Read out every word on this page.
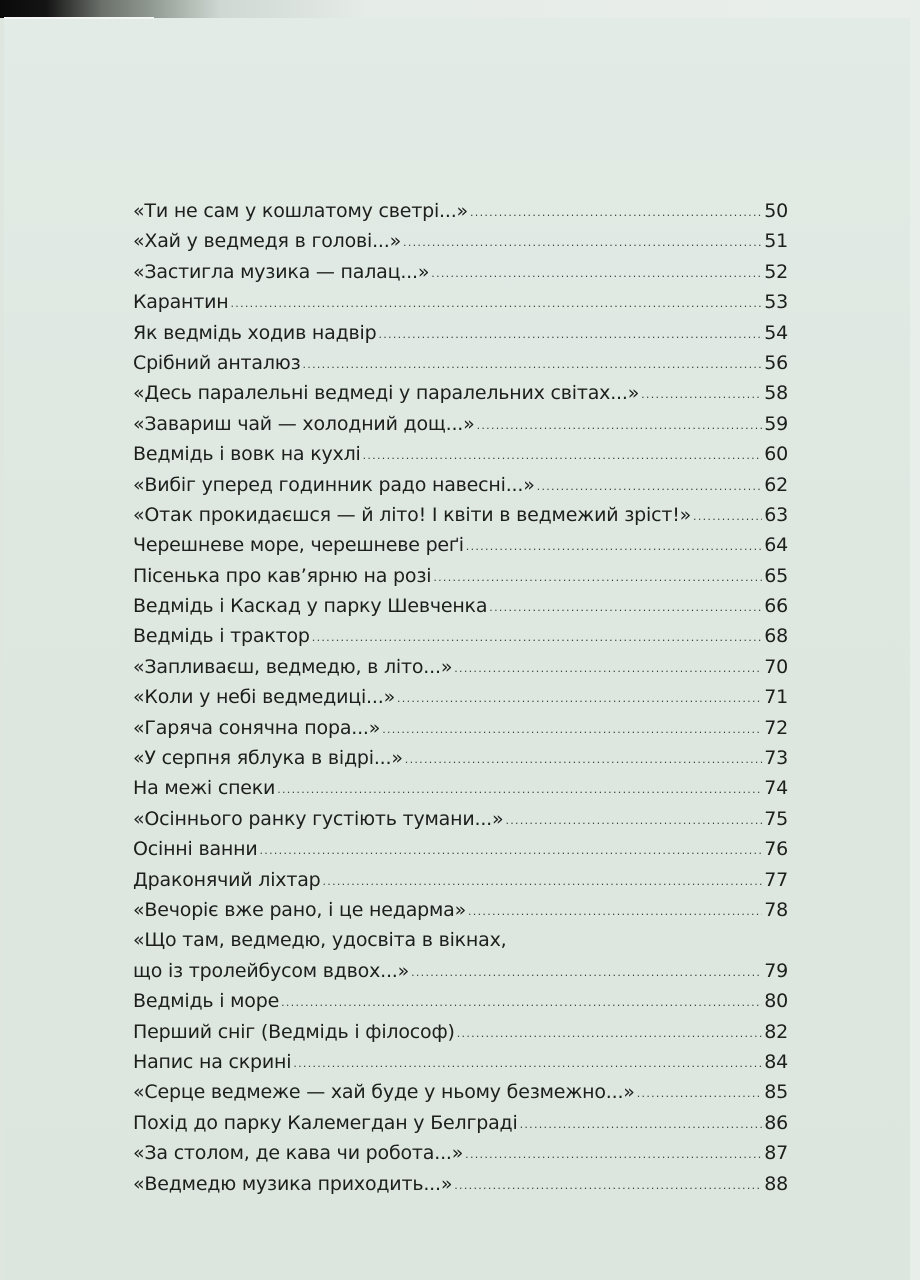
«Ти не сам у кошлатому светрі...» .....	50
«Хай у ведмедя в голові...» .....	51
«Застигла музика — палац...» .....	52
Карантин .....	53
Як ведмідь ходив надвір .....	54
Срібний анталюз .....	56
«Десь паралельні ведмеді у паралельних світах...» .....	58
«Завариш чай — холодний дощ...» .....	59
Ведмідь і вовк на кухлі .....	60
«Вибіг уперед годинник радо навесні...» .....	62
«Отак прокидаєшся — й літо! І квіти в ведмежий зріст!» .....	63
Черешневе море, черешневе реґі .....	64
Пісенька про кав’ярню на розі .....	65
Ведмідь і Каскад у парку Шевченка .....	66
Ведмідь і трактор .....	68
«Запливаєш, ведмедю, в літо...» .....	70
«Коли у небі ведмедиці...» .....	71
«Гаряча сонячна пора...» .....	72
«У серпня яблука в відрі...» .....	73
На межі спеки .....	74
«Осіннього ранку густіють тумани...» .....	75
Осінні ванни .....	76
Драконячий ліхтар .....	77
«Вечоріє вже рано, і це недарма» .....	78
«Що там, ведмедю, удосвіта в вікнах,
що із тролейбусом вдвох...» .....	79
Ведмідь і море .....	80
Перший сніг (Ведмідь і філософ) .....	82
Напис на скрині .....	84
«Серце ведмеже — хай буде у ньому безмежно...» .....	85
Похід до парку Калемегдан у Белграді .....	86
«За столом, де кава чи робота...» .....	87
«Ведмедю музика приходить...» .....	88
